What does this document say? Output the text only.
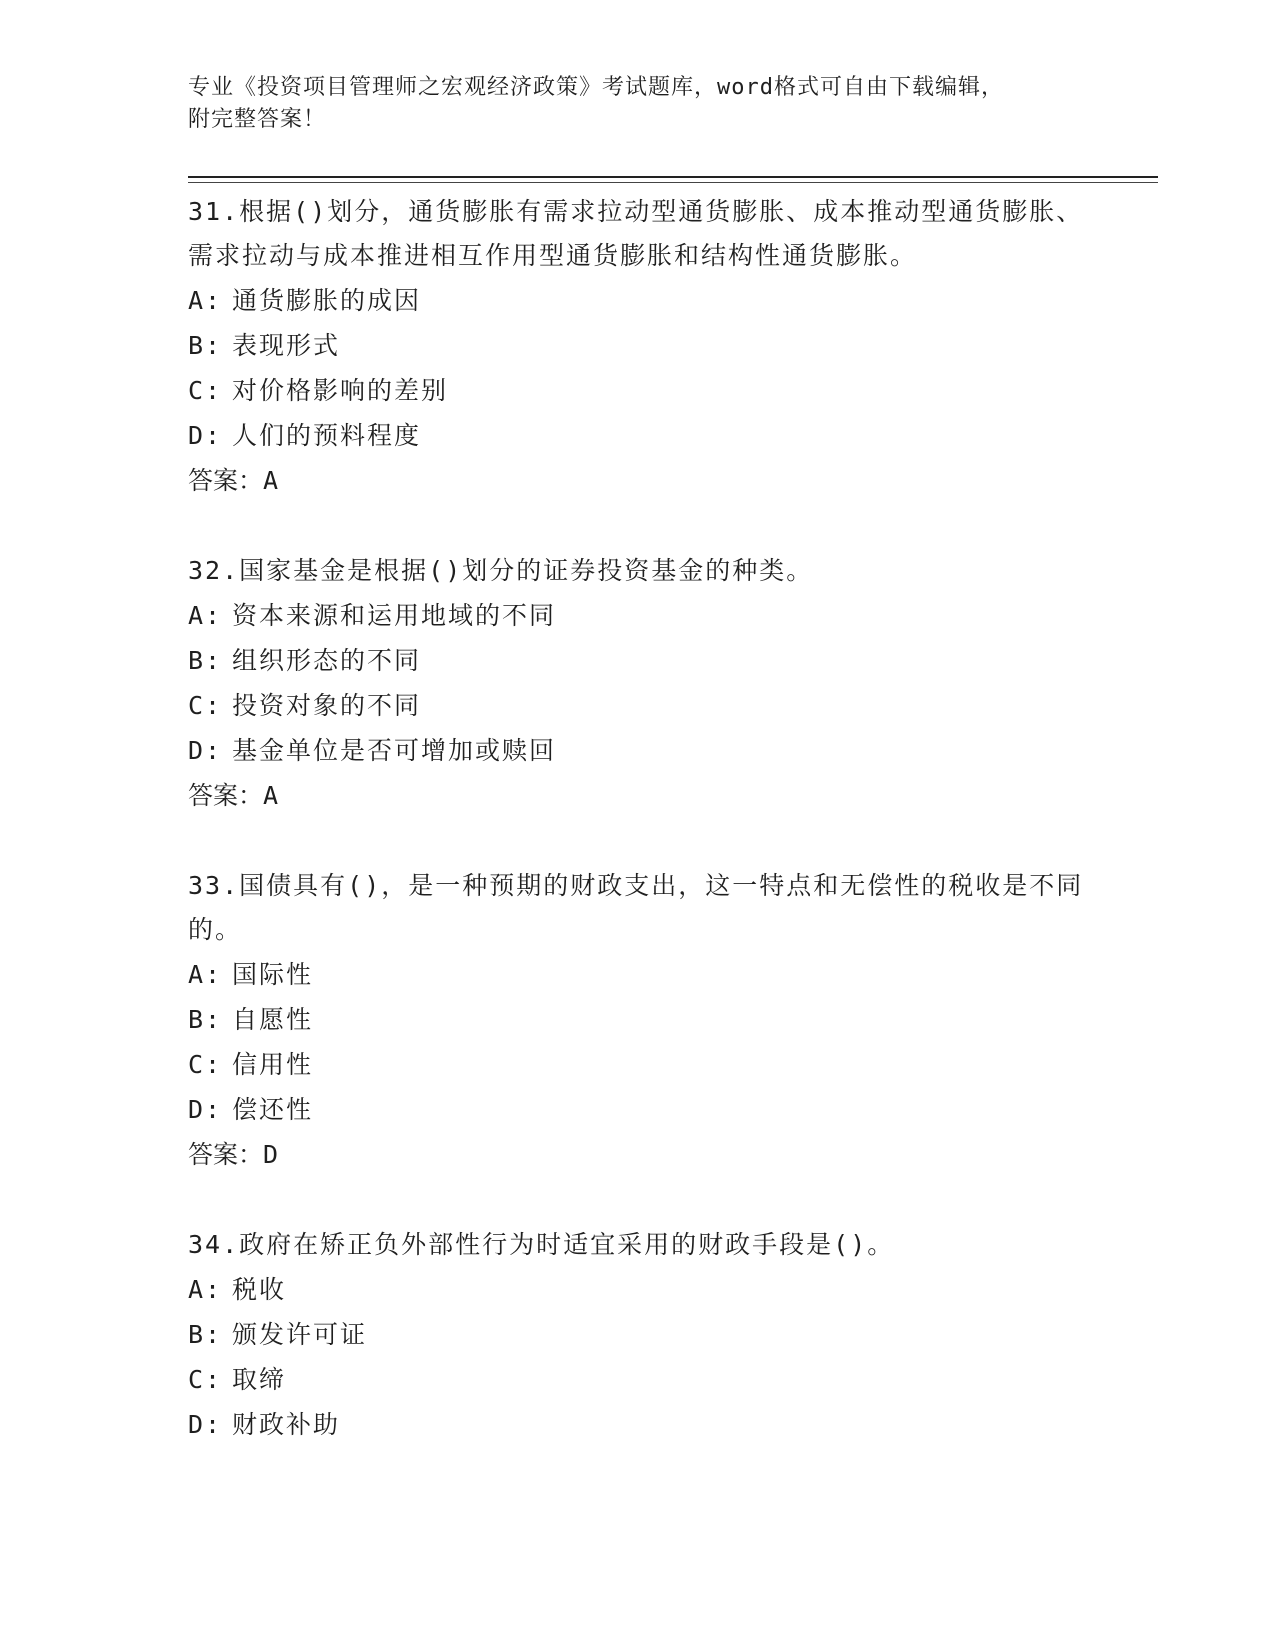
专业《投资项目管理师之宏观经济政策》考试题库，word格式可自由下载编辑，
附完整答案！

31.根据()划分，通货膨胀有需求拉动型通货膨胀、成本推动型通货膨胀、需求拉动与成本推进相互作用型通货膨胀和结构性通货膨胀。

A: 通货膨胀的成因
B: 表现形式
C: 对价格影响的差别
D: 人们的预料程度
答案：A

32.国家基金是根据()划分的证券投资基金的种类。

A: 资本来源和运用地域的不同
B: 组织形态的不同
C: 投资对象的不同
D: 基金单位是否可增加或赎回
答案：A

33.国债具有()，是一种预期的财政支出，这一特点和无偿性的税收是不同的。

A: 国际性
B: 自愿性
C: 信用性
D: 偿还性
答案：D

34.政府在矫正负外部性行为时适宜采用的财政手段是()。

A: 税收
B: 颁发许可证
C: 取缔
D: 财政补助
